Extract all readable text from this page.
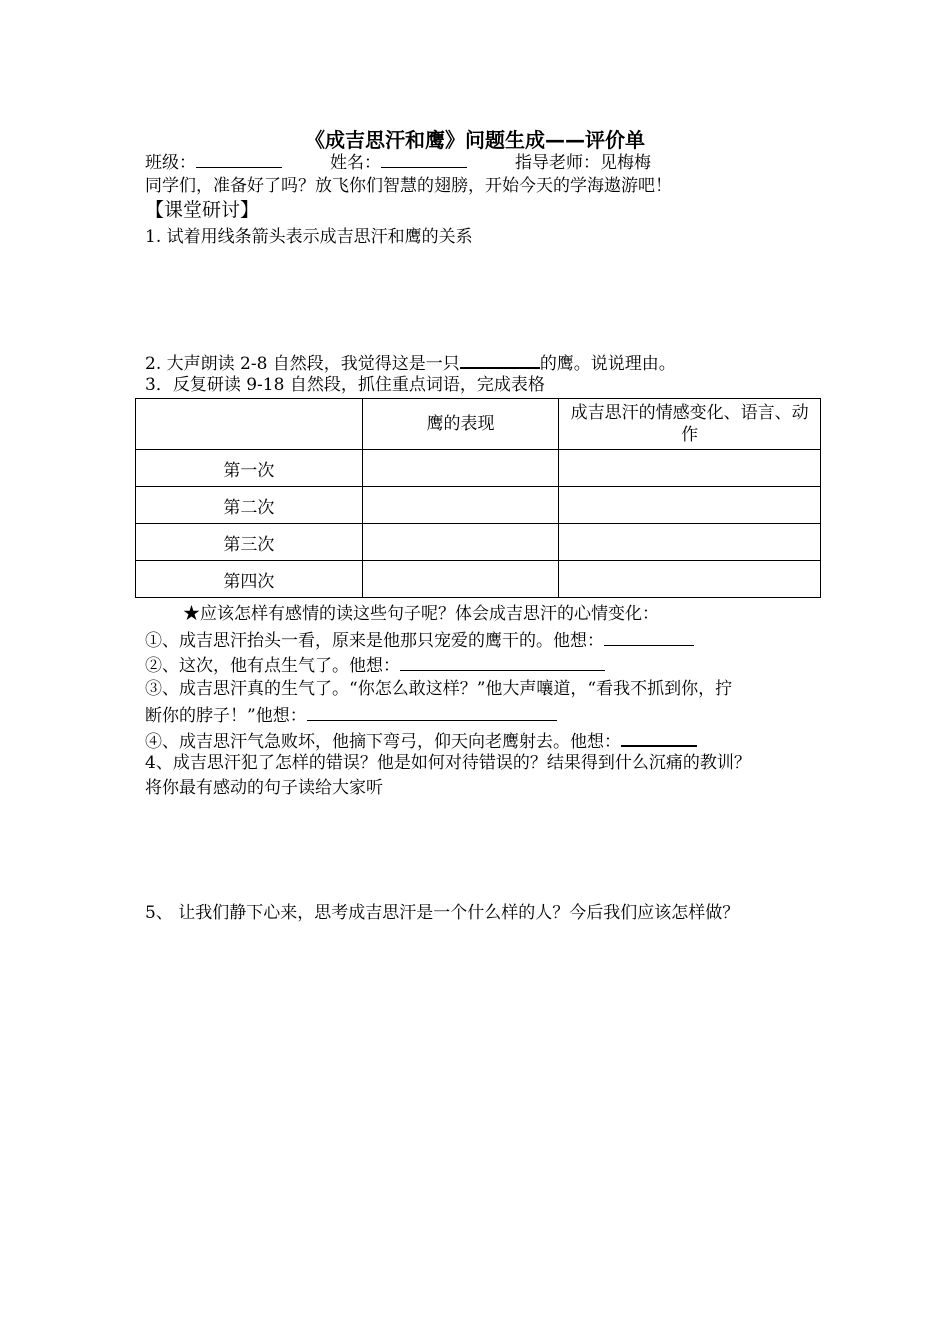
《成吉思汗和鹰》问题生成——评价单
班级：	姓名：	指导老师：见梅梅
同学们，准备好了吗？放飞你们智慧的翅膀，开始今天的学海遨游吧！
【课堂研讨】
1. 试着用线条箭头表示成吉思汗和鹰的关系
2. 大声朗读 2-8 自然段，我觉得这是一只	的鹰。说说理由。
3．反复研读 9-18 自然段，抓住重点词语，完成表格
	鹰的表现	成吉思汗的情感变化、语言、动作
第一次		
第二次		
第三次		
第四次		
★应该怎样有感情的读这些句子呢？体会成吉思汗的心情变化：
①、成吉思汗抬头一看，原来是他那只宠爱的鹰干的。他想：
②、这次，他有点生气了。他想：
③、成吉思汗真的生气了。“你怎么敢这样？”他大声嚷道，“看我不抓到你，拧
断你的脖子！”他想：
④、成吉思汗气急败坏，他摘下弯弓，仰天向老鹰射去。他想：
4、成吉思汗犯了怎样的错误？他是如何对待错误的？结果得到什么沉痛的教训？
将你最有感动的句子读给大家听
5、 让我们静下心来，思考成吉思汗是一个什么样的人？今后我们应该怎样做？
